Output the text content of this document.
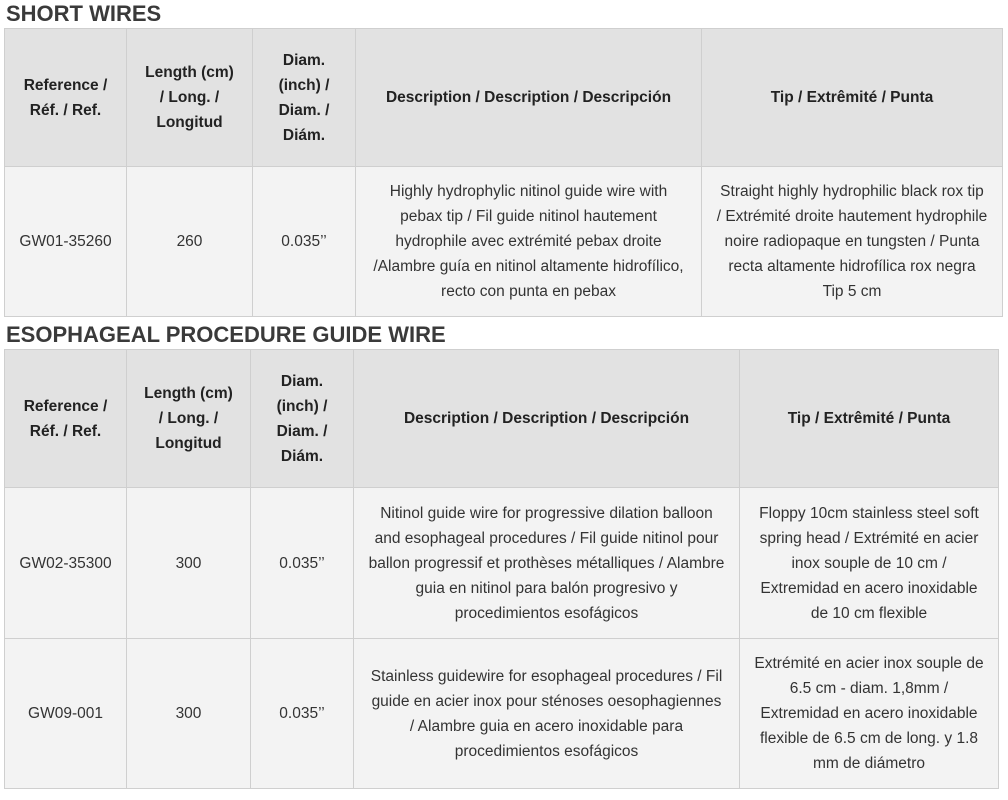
SHORT WIRES
Reference / Réf. / Ref.	Length (cm) / Long. / Longitud	Diam. (inch) / Diam. / Diám.	Description / Description / Descripción	Tip / Extrêmité / Punta
GW01-35260	260	0.035’’	Highly hydrophylic nitinol guide wire with pebax tip / Fil guide nitinol hautement hydrophile avec extrémité pebax droite /Alambre guía en nitinol altamente hidrofílico, recto con punta en pebax	Straight highly hydrophilic black rox tip / Extrémité droite hautement hydrophile noire radiopaque en tungsten / Punta recta altamente hidrofílica rox negra Tip 5 cm
ESOPHAGEAL PROCEDURE GUIDE WIRE
Reference / Réf. / Ref.	Length (cm) / Long. / Longitud	Diam. (inch) / Diam. / Diám.	Description / Description / Descripción	Tip / Extrêmité / Punta
GW02-35300	300	0.035’’	Nitinol guide wire for progressive dilation balloon and esophageal procedures / Fil guide nitinol pour ballon progressif et prothèses métalliques / Alambre guia en nitinol para balón progresivo y procedimientos esofágicos	Floppy 10cm stainless steel soft spring head / Extrémité en acier inox souple de 10 cm / Extremidad en acero inoxidable de 10 cm flexible
GW09-001	300	0.035’’	Stainless guidewire for esophageal procedures / Fil guide en acier inox pour sténoses oesophagiennes / Alambre guia en acero inoxidable para procedimientos esofágicos	Extrémité en acier inox souple de 6.5 cm - diam. 1,8mm / Extremidad en acero inoxidable flexible de 6.5 cm de long. y 1.8 mm de diámetro
